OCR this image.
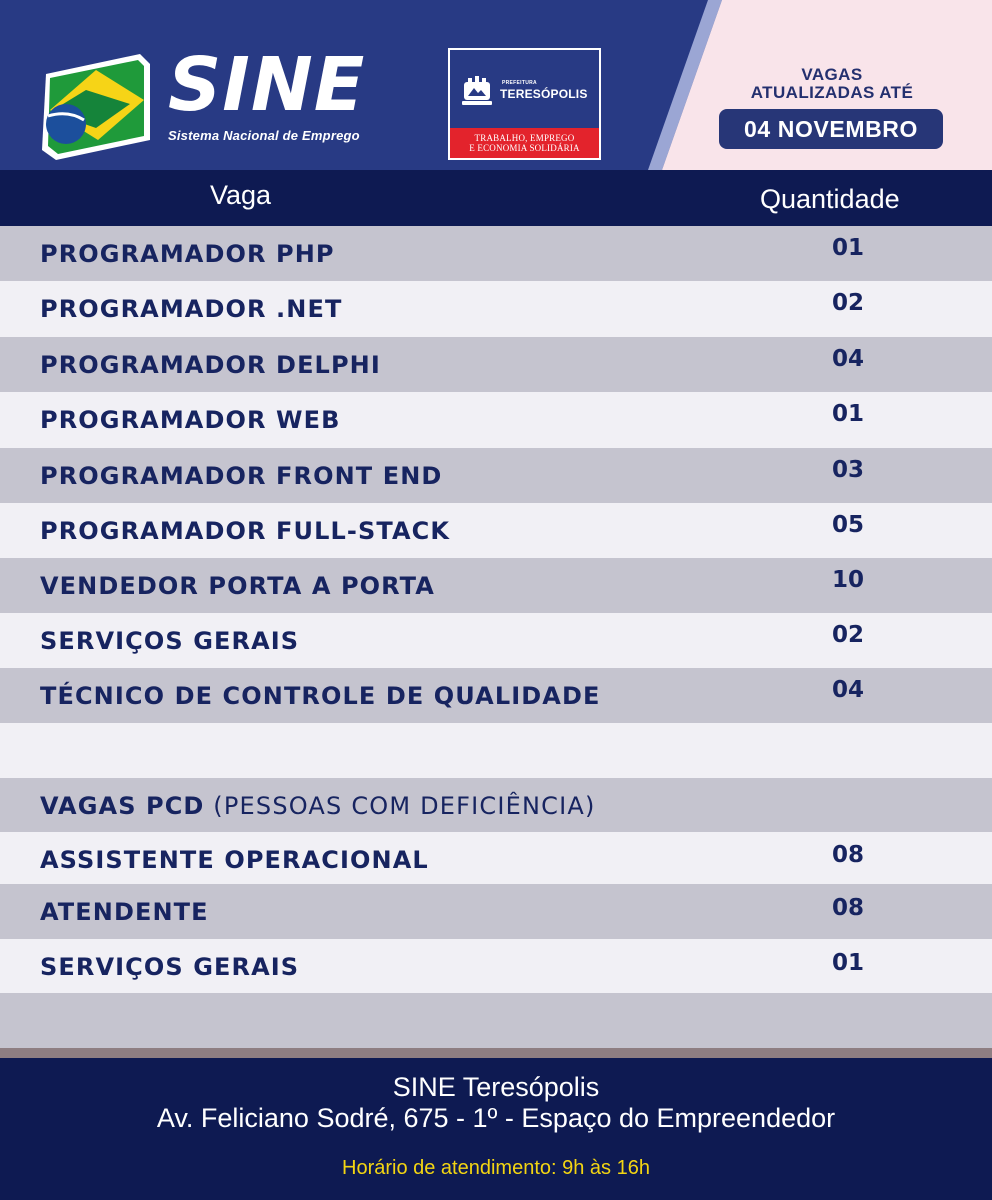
SINE
Sistema Nacional de Emprego
PREFEITURA
TERESÓPOLIS
TRABALHO, EMPREGO
E ECONOMIA SOLIDÁRIA
VAGAS
ATUALIZADAS ATÉ
04 NOVEMBRO
Vaga	Quantidade
PROGRAMADOR PHP	01
PROGRAMADOR .NET	02
PROGRAMADOR DELPHI	04
PROGRAMADOR WEB	01
PROGRAMADOR FRONT END	03
PROGRAMADOR FULL-STACK	05
VENDEDOR PORTA A PORTA	10
SERVIÇOS GERAIS	02
TÉCNICO DE CONTROLE DE QUALIDADE	04
VAGAS PCD (PESSOAS COM DEFICIÊNCIA)
ASSISTENTE OPERACIONAL	08
ATENDENTE	08
SERVIÇOS GERAIS	01
SINE Teresópolis
Av. Feliciano Sodré, 675 - 1º - Espaço do Empreendedor
Horário de atendimento: 9h às 16h
